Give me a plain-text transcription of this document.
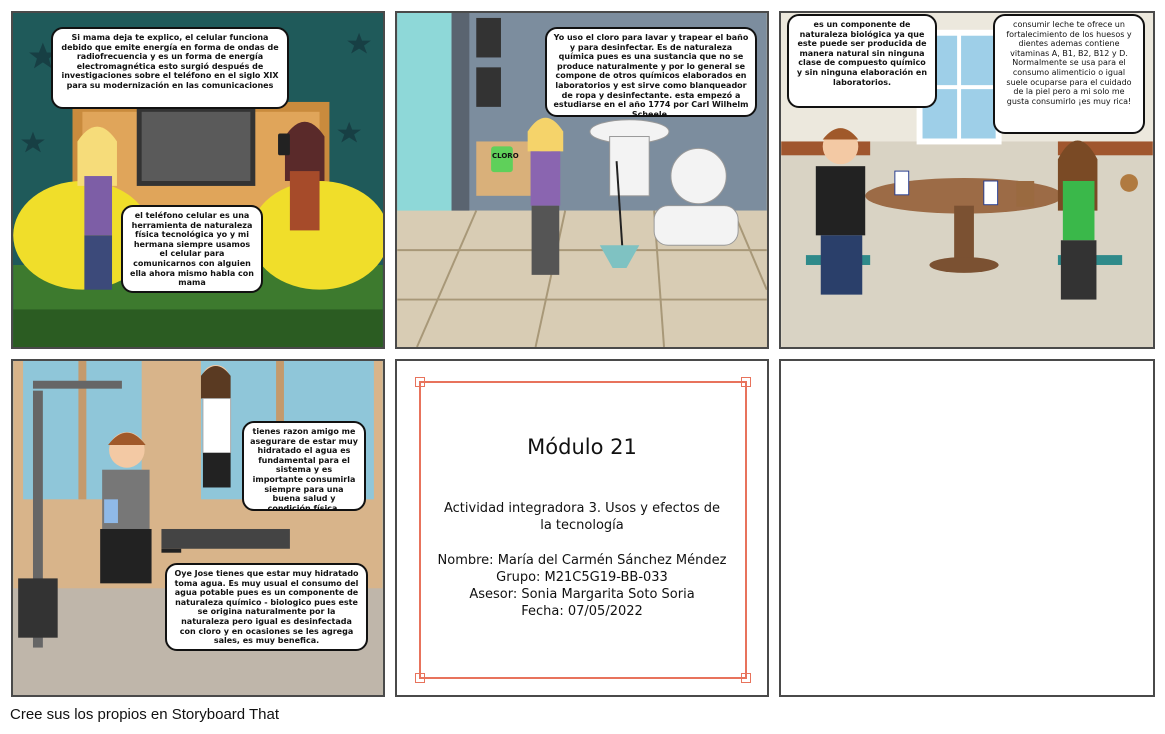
Si mama deja te explico, el celular funciona debido que emite energía en forma de ondas de radiofrecuencia y es un forma de energía electromagnética esto surgió después de investigaciones sobre el teléfono en el siglo XIX para su modernización en las comunicaciones
el teléfono celular es una herramienta de naturaleza física tecnológica yo y mi hermana siempre usamos el celular para comunicarnos con alguien ella ahora mismo habla con mama
Yo uso el cloro para lavar y trapear el baño y para desinfectar. Es de naturaleza química pues es una sustancia que no se produce naturalmente y por lo general se compone de otros químicos elaborados en laboratorios y est sirve como blanqueador de ropa y desinfectante. esta empezó a estudiarse en el año 1774 por Carl Wilhelm Scheele.
CLORO
es un componente de naturaleza biológica ya que este puede ser producida de manera natural sin ninguna clase de compuesto químico y sin ninguna elaboración en laboratorios.
consumir leche te ofrece un fortalecimiento de los huesos y dientes ademas contiene vitaminas A, B1, B2, B12 y D. Normalmente se usa para el consumo alimenticio o igual suele ocuparse para el cuidado de la piel pero a mi solo me gusta consumirlo ¡es muy rica!
tienes razon amigo me asegurare de estar muy hidratado el agua es fundamental para el sistema y es importante consumirla siempre para una buena salud y condición física.
Oye Jose tienes que estar muy hidratado toma agua. Es muy usual el consumo del agua potable pues es un componente de naturaleza químico - biologico pues este se origina naturalmente por la naturaleza pero igual es desinfectada con cloro y en ocasiones se les agrega sales, es muy benefica.
Módulo 21
Actividad integradora 3. Usos y efectos de la tecnología
Nombre: María del Carmén Sánchez Méndez
Grupo: M21C5G19-BB-033
Asesor: Sonia Margarita Soto Soria
Fecha: 07/05/2022
Cree sus los propios en Storyboard That
